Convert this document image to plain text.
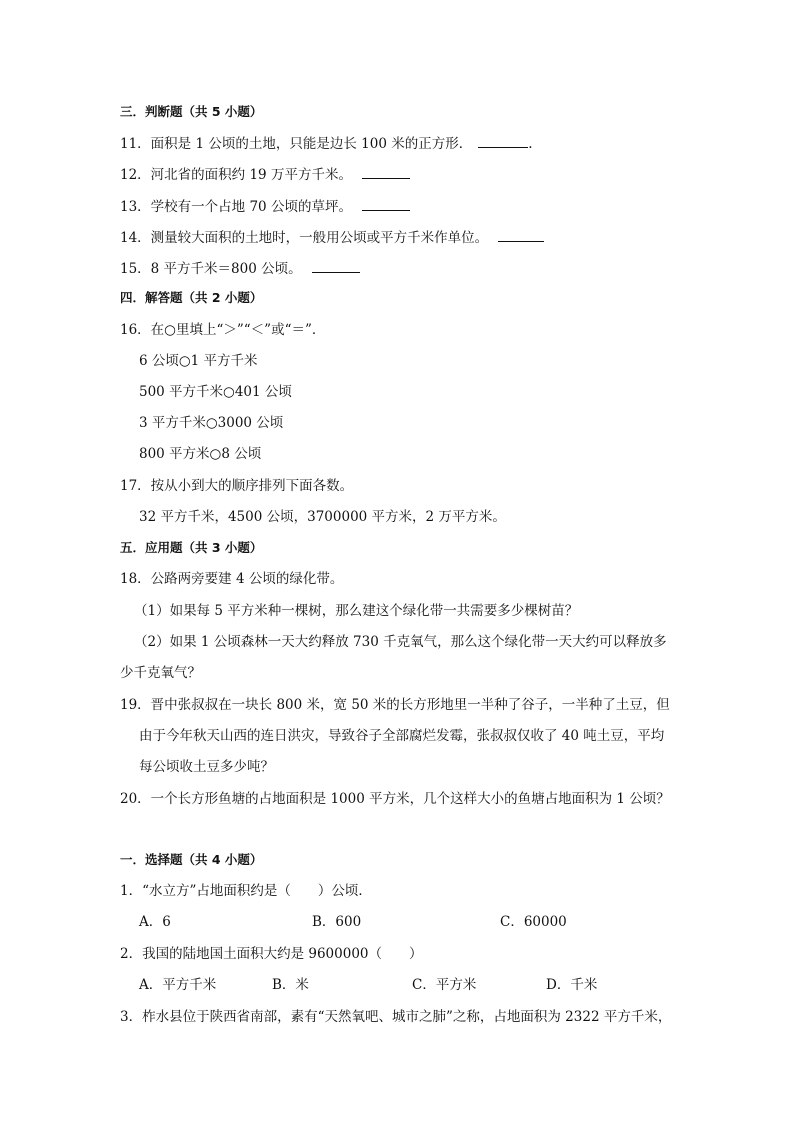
三．判断题（共 5 小题）
11．面积是 1 公顷的土地，只能是边长 100 米的正方形．	.
12．河北省的面积约 19 万平方千米。
13．学校有一个占地 70 公顷的草坪。
14．测量较大面积的土地时，一般用公顷或平方千米作单位。
15．8 平方千米＝800 公顷。
四．解答题（共 2 小题）
16．在○里填上“＞”“＜”或“＝”．
6 公顷○1 平方千米
500 平方千米○401 公顷
3 平方千米○3000 公顷
800 平方米○8 公顷
17．按从小到大的顺序排列下面各数。
32 平方千米，4500 公顷，3700000 平方米，2 万平方米。
五．应用题（共 3 小题）
18．公路两旁要建 4 公顷的绿化带。
（1）如果每 5 平方米种一棵树，那么建这个绿化带一共需要多少棵树苗？
（2）如果 1 公顷森林一天大约释放 730 千克氧气，那么这个绿化带一天大约可以释放多
少千克氧气？
19．晋中张叔叔在一块长 800 米，宽 50 米的长方形地里一半种了谷子，一半种了土豆，但
由于今年秋天山西的连日洪灾，导致谷子全部腐烂发霉，张叔叔仅收了 40 吨土豆，平均
每公顷收土豆多少吨？
20．一个长方形鱼塘的占地面积是 1000 平方米，几个这样大小的鱼塘占地面积为 1 公顷？
一．选择题（共 4 小题）
1．“水立方”占地面积约是（　　）公顷．
A．6	B．600	C．60000
2．我国的陆地国土面积大约是 9600000（　　）
A．平方千米	B．米	C．平方米	D．千米
3．柞水县位于陕西省南部，素有“天然氧吧、城市之肺”之称，占地面积为 2322 平方千米，
